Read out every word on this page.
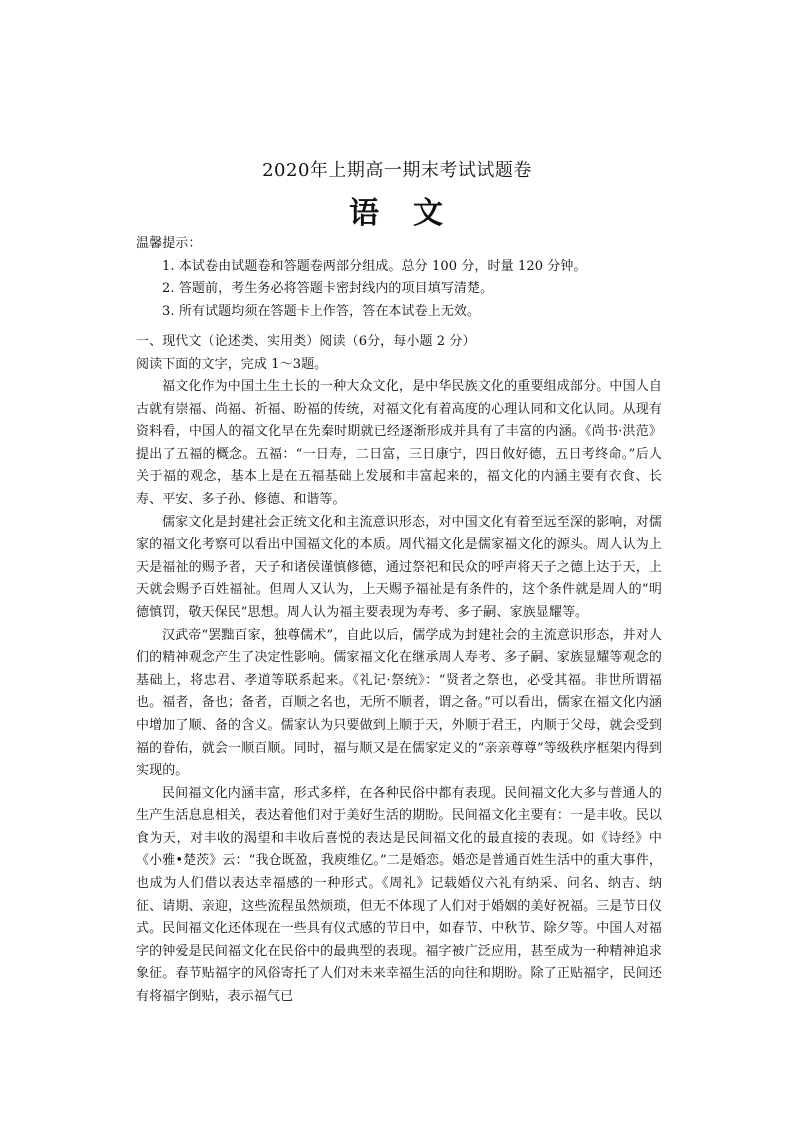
2020年上期高一期末考试试题卷
语　文

温馨提示：

1. 本试卷由试题卷和答题卷两部分组成。总分 100 分，时量 120 分钟。

2. 答题前，考生务必将答题卡密封线内的项目填写清楚。

3. 所有试题均须在答题卡上作答，答在本试卷上无效。

一、现代文（论述类、实用类）阅读（6分，每小题 2 分）

阅读下面的文字，完成 1～3题。

福文化作为中国土生土长的一种大众文化，是中华民族文化的重要组成部分。中国人自古就有崇福、尚福、祈福、盼福的传统，对福文化有着高度的心理认同和文化认同。从现有资料看，中国人的福文化早在先秦时期就已经逐渐形成并具有了丰富的内涵。《尚书·洪范》提出了五福的概念。五福：“一日寿，二日富，三日康宁，四日攸好德，五日考终命。”后人关于福的观念，基本上是在五福基础上发展和丰富起来的，福文化的内涵主要有衣食、长寿、平安、多子孙、修德、和谐等。

儒家文化是封建社会正统文化和主流意识形态，对中国文化有着至远至深的影响，对儒家的福文化考察可以看出中国福文化的本质。周代福文化是儒家福文化的源头。周人认为上天是福祉的赐予者，天子和诸侯谨慎修德，通过祭祀和民众的呼声将天子之德上达于天，上天就会赐予百姓福祉。但周人又认为，上天赐予福祉是有条件的，这个条件就是周人的“明德慎罚，敬天保民”思想。周人认为福主要表现为寿考、多子嗣、家族显耀等。

汉武帝“罢黜百家，独尊儒术”，自此以后，儒学成为封建社会的主流意识形态，并对人们的精神观念产生了决定性影响。儒家福文化在继承周人寿考、多子嗣、家族显耀等观念的基础上，将忠君、孝道等联系起来。《礼记·祭统》：“贤者之祭也，必受其福。非世所谓福也。福者，备也；备者，百顺之名也，无所不顺者，谓之备。”可以看出，儒家在福文化内涵中增加了顺、备的含义。儒家认为只要做到上顺于天，外顺于君王，内顺于父母，就会受到福的眷佑，就会一顺百顺。同时，福与顺又是在儒家定义的“亲亲尊尊”等级秩序框架内得到实现的。

民间福文化内涵丰富，形式多样，在各种民俗中都有表现。民间福文化大多与普通人的生产生活息息相关，表达着他们对于美好生活的期盼。民间福文化主要有：一是丰收。民以食为天，对丰收的渴望和丰收后喜悦的表达是民间福文化的最直接的表现。如《诗经》中《小雅•楚茨》云：“我仓既盈，我庾维亿。”二是婚恋。婚恋是普通百姓生活中的重大事件，也成为人们借以表达幸福感的一种形式。《周礼》记载婚仪六礼有纳采、问名、纳吉、纳征、请期、亲迎，这些流程虽然烦琐，但无不体现了人们对于婚姻的美好祝福。三是节日仪式。民间福文化还体现在一些具有仪式感的节日中，如春节、中秋节、除夕等。中国人对福字的钟爱是民间福文化在民俗中的最典型的表现。福字被广泛应用，甚至成为一种精神追求象征。春节贴福字的风俗寄托了人们对未来幸福生活的向往和期盼。除了正贴福字，民间还有将福字倒贴，表示福气已
